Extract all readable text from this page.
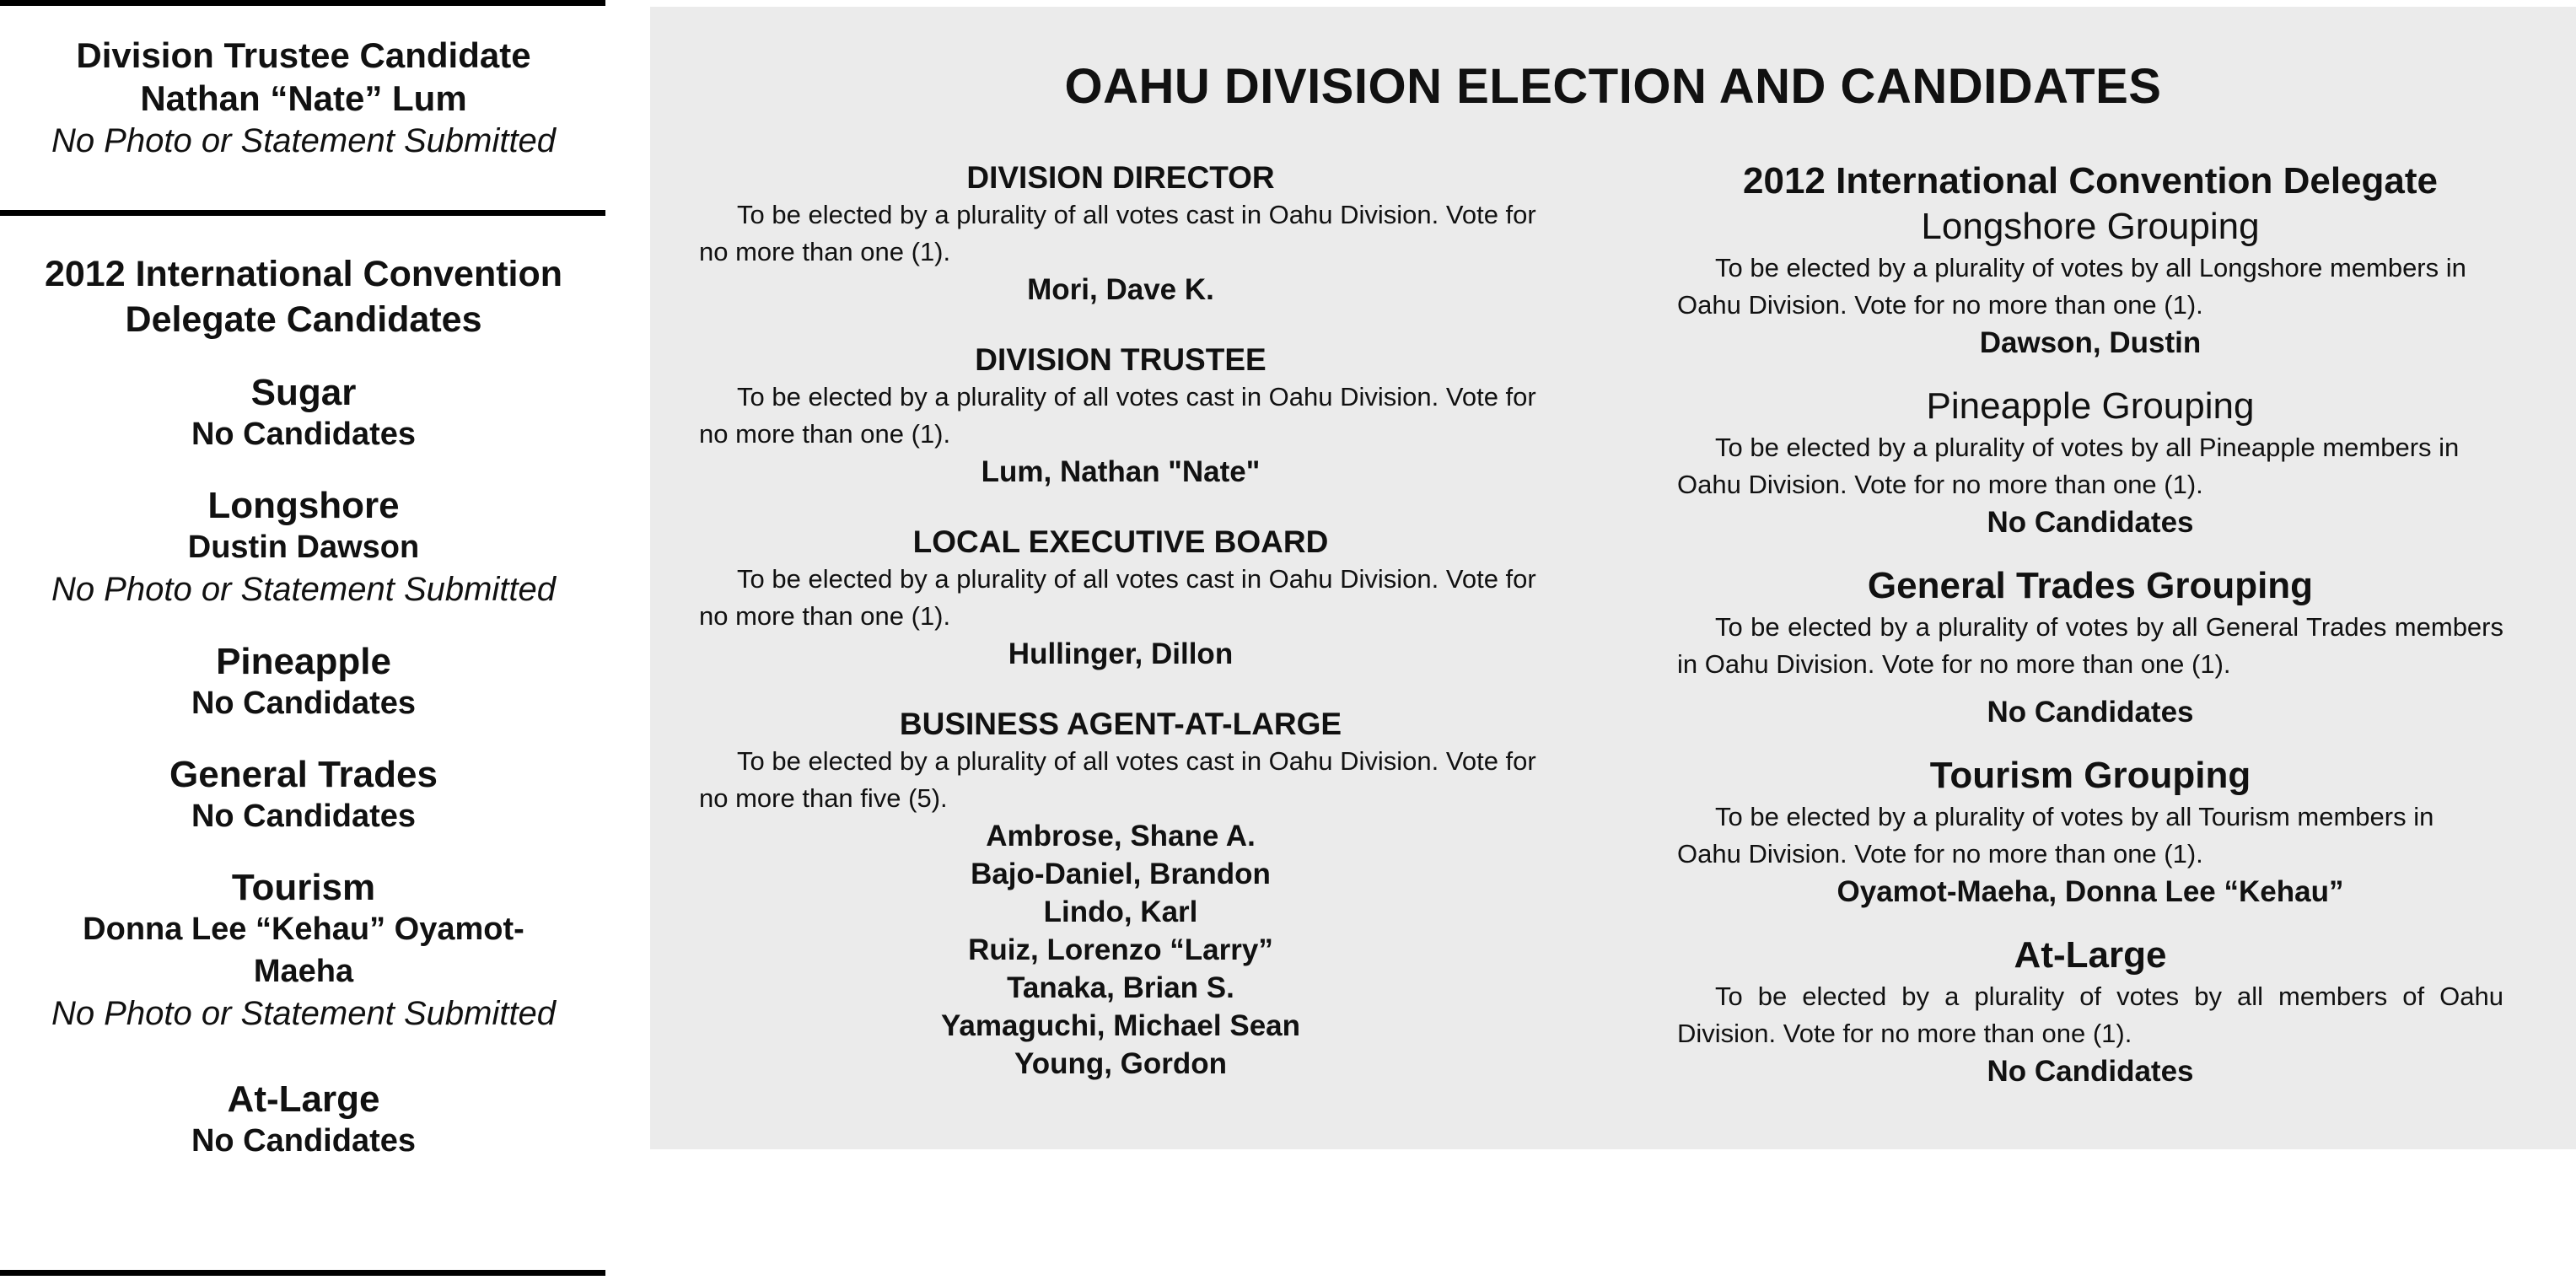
Division Trustee Candidate
Nathan “Nate” Lum
No Photo or Statement Submitted
2012 International Convention
Delegate Candidates
Sugar
No Candidates
Longshore
Dustin Dawson
No Photo or Statement Submitted
Pineapple
No Candidates
General Trades
No Candidates
Tourism
Donna Lee “Kehau” Oyamot-Maeha
No Photo or Statement Submitted
At-Large
No Candidates
OAHU DIVISION ELECTION AND CANDIDATES
DIVISION DIRECTOR
To be elected by a plurality of all votes cast in Oahu Division. Vote for no more than one (1).
Mori, Dave K.
DIVISION TRUSTEE
To be elected by a plurality of all votes cast in Oahu Division. Vote for no more than one (1).
Lum, Nathan "Nate"
LOCAL EXECUTIVE BOARD
To be elected by a plurality of all votes cast in Oahu Division. Vote for no more than one (1).
Hullinger, Dillon
BUSINESS AGENT-AT-LARGE
To be elected by a plurality of all votes cast in Oahu Division. Vote for no more than five (5).
Ambrose, Shane A.
Bajo-Daniel, Brandon
Lindo, Karl
Ruiz, Lorenzo “Larry”
Tanaka, Brian S.
Yamaguchi, Michael Sean
Young, Gordon
2012 International Convention Delegate
Longshore Grouping
To be elected by a plurality of votes by all Longshore members in Oahu Division. Vote for no more than one (1).
Dawson, Dustin
Pineapple Grouping
To be elected by a plurality of votes by all Pineapple members in Oahu Division. Vote for no more than one (1).
No Candidates
General Trades Grouping
To be elected by a plurality of votes by all General Trades members in Oahu Division. Vote for no more than one (1).
No Candidates
Tourism Grouping
To be elected by a plurality of votes by all Tourism members in Oahu Division. Vote for no more than one (1).
Oyamot-Maeha, Donna Lee “Kehau”
At-Large
To be elected by a plurality of votes by all members of Oahu Division. Vote for no more than one (1).
No Candidates
